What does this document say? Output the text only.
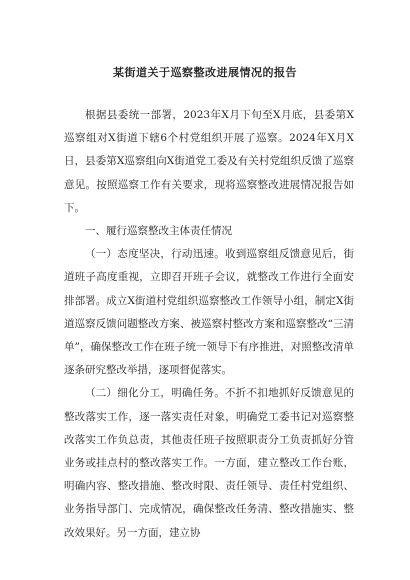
某街道关于巡察整改进展情况的报告

根据县委统一部署，2023年X月下旬至X月底，县委第X巡察组对X街道下辖6个村党组织开展了巡察。2024年X月X日，县委第X巡察组向X街道党工委及有关村党组织反馈了巡察意见。按照巡察工作有关要求，现将巡察整改进展情况报告如下。

一、履行巡察整改主体责任情况

（一）态度坚决，行动迅速。收到巡察组反馈意见后，街道班子高度重视，立即召开班子会议，就整改工作进行全面安排部署。成立X街道村党组织巡察整改工作领导小组，制定X街道巡察反馈问题整改方案、被巡察村整改方案和巡察整改“三清单”，确保整改工作在班子统一领导下有序推进，对照整改清单逐条研究整改举措，逐项督促落实。

（二）细化分工，明确任务。不折不扣地抓好反馈意见的整改落实工作，逐一落实责任对象，明确党工委书记对巡察整改落实工作负总责，其他责任班子按照职责分工负责抓好分管业务或挂点村的整改落实工作。一方面，建立整改工作台账，明确内容、整改措施、整改时限、责任领导、责任村党组织、业务指导部门、完成情况，确保整改任务清、整改措施实、整改效果好。另一方面，建立协
